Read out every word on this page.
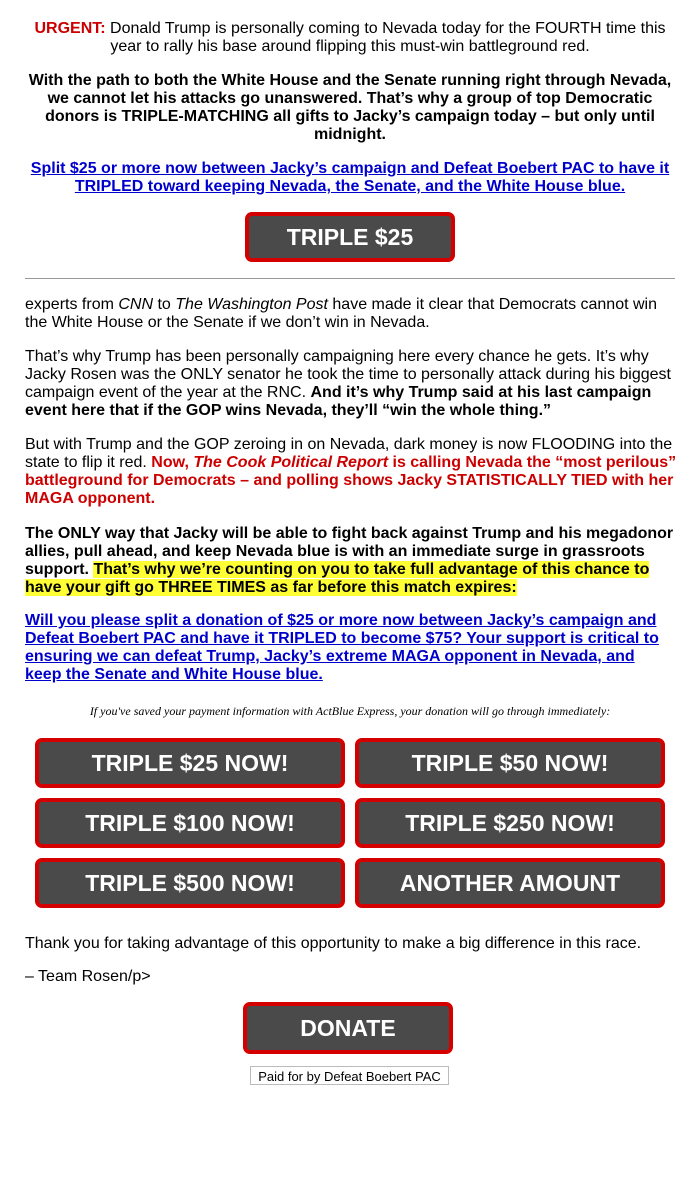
URGENT: Donald Trump is personally coming to Nevada today for the FOURTH time this year to rally his base around flipping this must-win battleground red.

With the path to both the White House and the Senate running right through Nevada, we cannot let his attacks go unanswered. That’s why a group of top Democratic donors is TRIPLE-MATCHING all gifts to Jacky’s campaign today – but only until midnight.

Split $25 or more now between Jacky’s campaign and Defeat Boebert PAC to have it TRIPLED toward keeping Nevada, the Senate, and the White House blue.

TRIPLE $25

experts from CNN to The Washington Post have made it clear that Democrats cannot win the White House or the Senate if we don’t win in Nevada.

That’s why Trump has been personally campaigning here every chance he gets. It’s why Jacky Rosen was the ONLY senator he took the time to personally attack during his biggest campaign event of the year at the RNC. And it’s why Trump said at his last campaign event here that if the GOP wins Nevada, they’ll “win the whole thing.”

But with Trump and the GOP zeroing in on Nevada, dark money is now FLOODING into the state to flip it red. Now, The Cook Political Report is calling Nevada the “most perilous” battleground for Democrats – and polling shows Jacky STATISTICALLY TIED with her MAGA opponent.

The ONLY way that Jacky will be able to fight back against Trump and his megadonor allies, pull ahead, and keep Nevada blue is with an immediate surge in grassroots support. That’s why we’re counting on you to take full advantage of this chance to have your gift go THREE TIMES as far before this match expires:

Will you please split a donation of $25 or more now between Jacky’s campaign and Defeat Boebert PAC and have it TRIPLED to become $75? Your support is critical to ensuring we can defeat Trump, Jacky’s extreme MAGA opponent in Nevada, and keep the Senate and White House blue.

If you've saved your payment information with ActBlue Express, your donation will go through immediately:

TRIPLE $25 NOW!	TRIPLE $50 NOW!
TRIPLE $100 NOW!	TRIPLE $250 NOW!
TRIPLE $500 NOW!	ANOTHER AMOUNT

Thank you for taking advantage of this opportunity to make a big difference in this race.

– Team Rosen/p>

DONATE
Paid for by Defeat Boebert PAC
